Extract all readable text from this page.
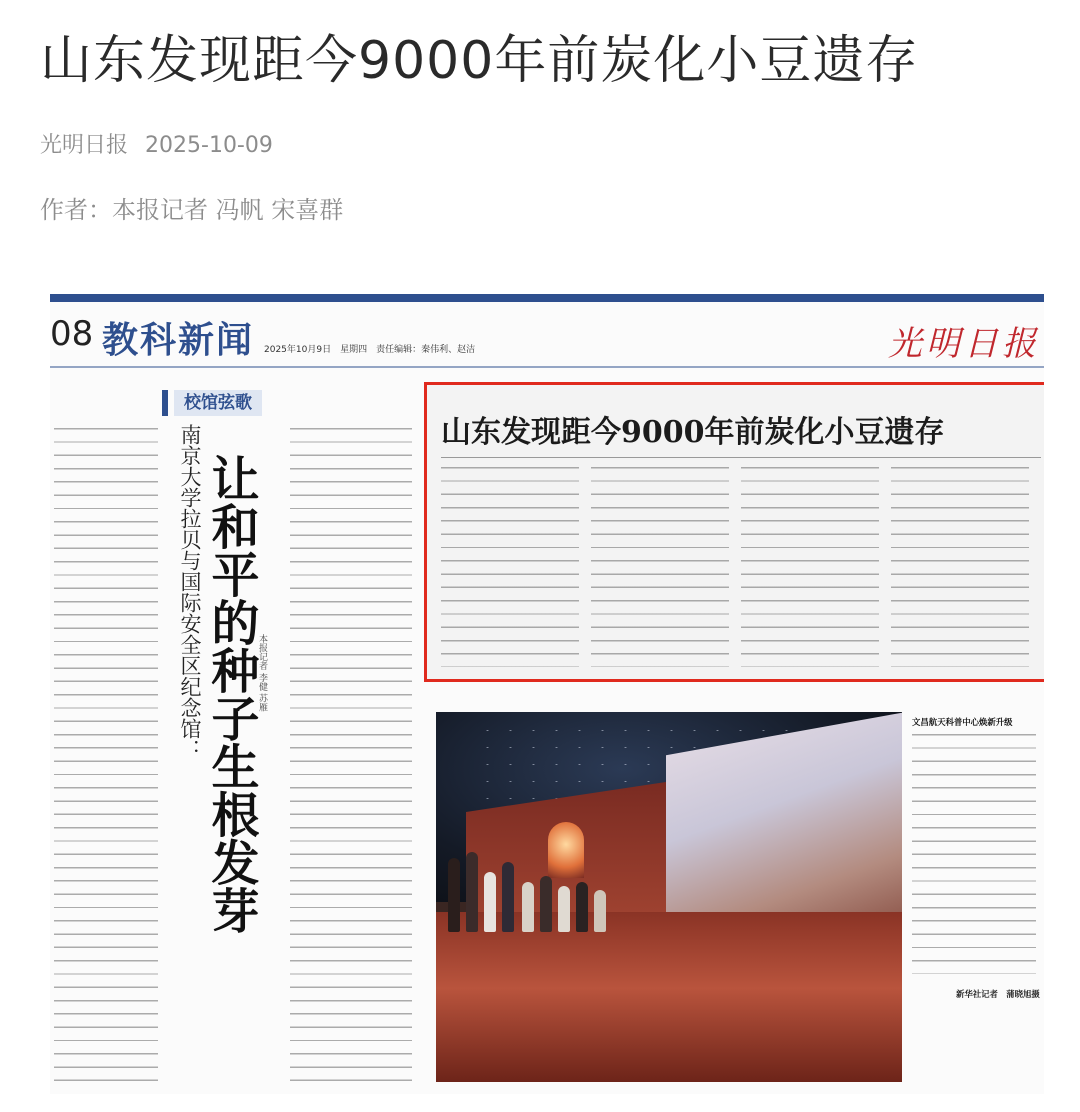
山东发现距今9000年前炭化小豆遗存
光明日报 2025-10-09
作者：本报记者 冯帆 宋喜群
08 教科新闻 2025年10月9日　星期四　责任编辑：秦伟利、赵洁	光明日报
校馆弦歌
南京大学拉贝与国际安全区纪念馆： 让和平的种子生根发芽
本报记者 李健 苏雁
山东发现距今9000年前炭化小豆遗存
文昌航天科普中心焕新升级
新华社记者　蒲晓旭摄
